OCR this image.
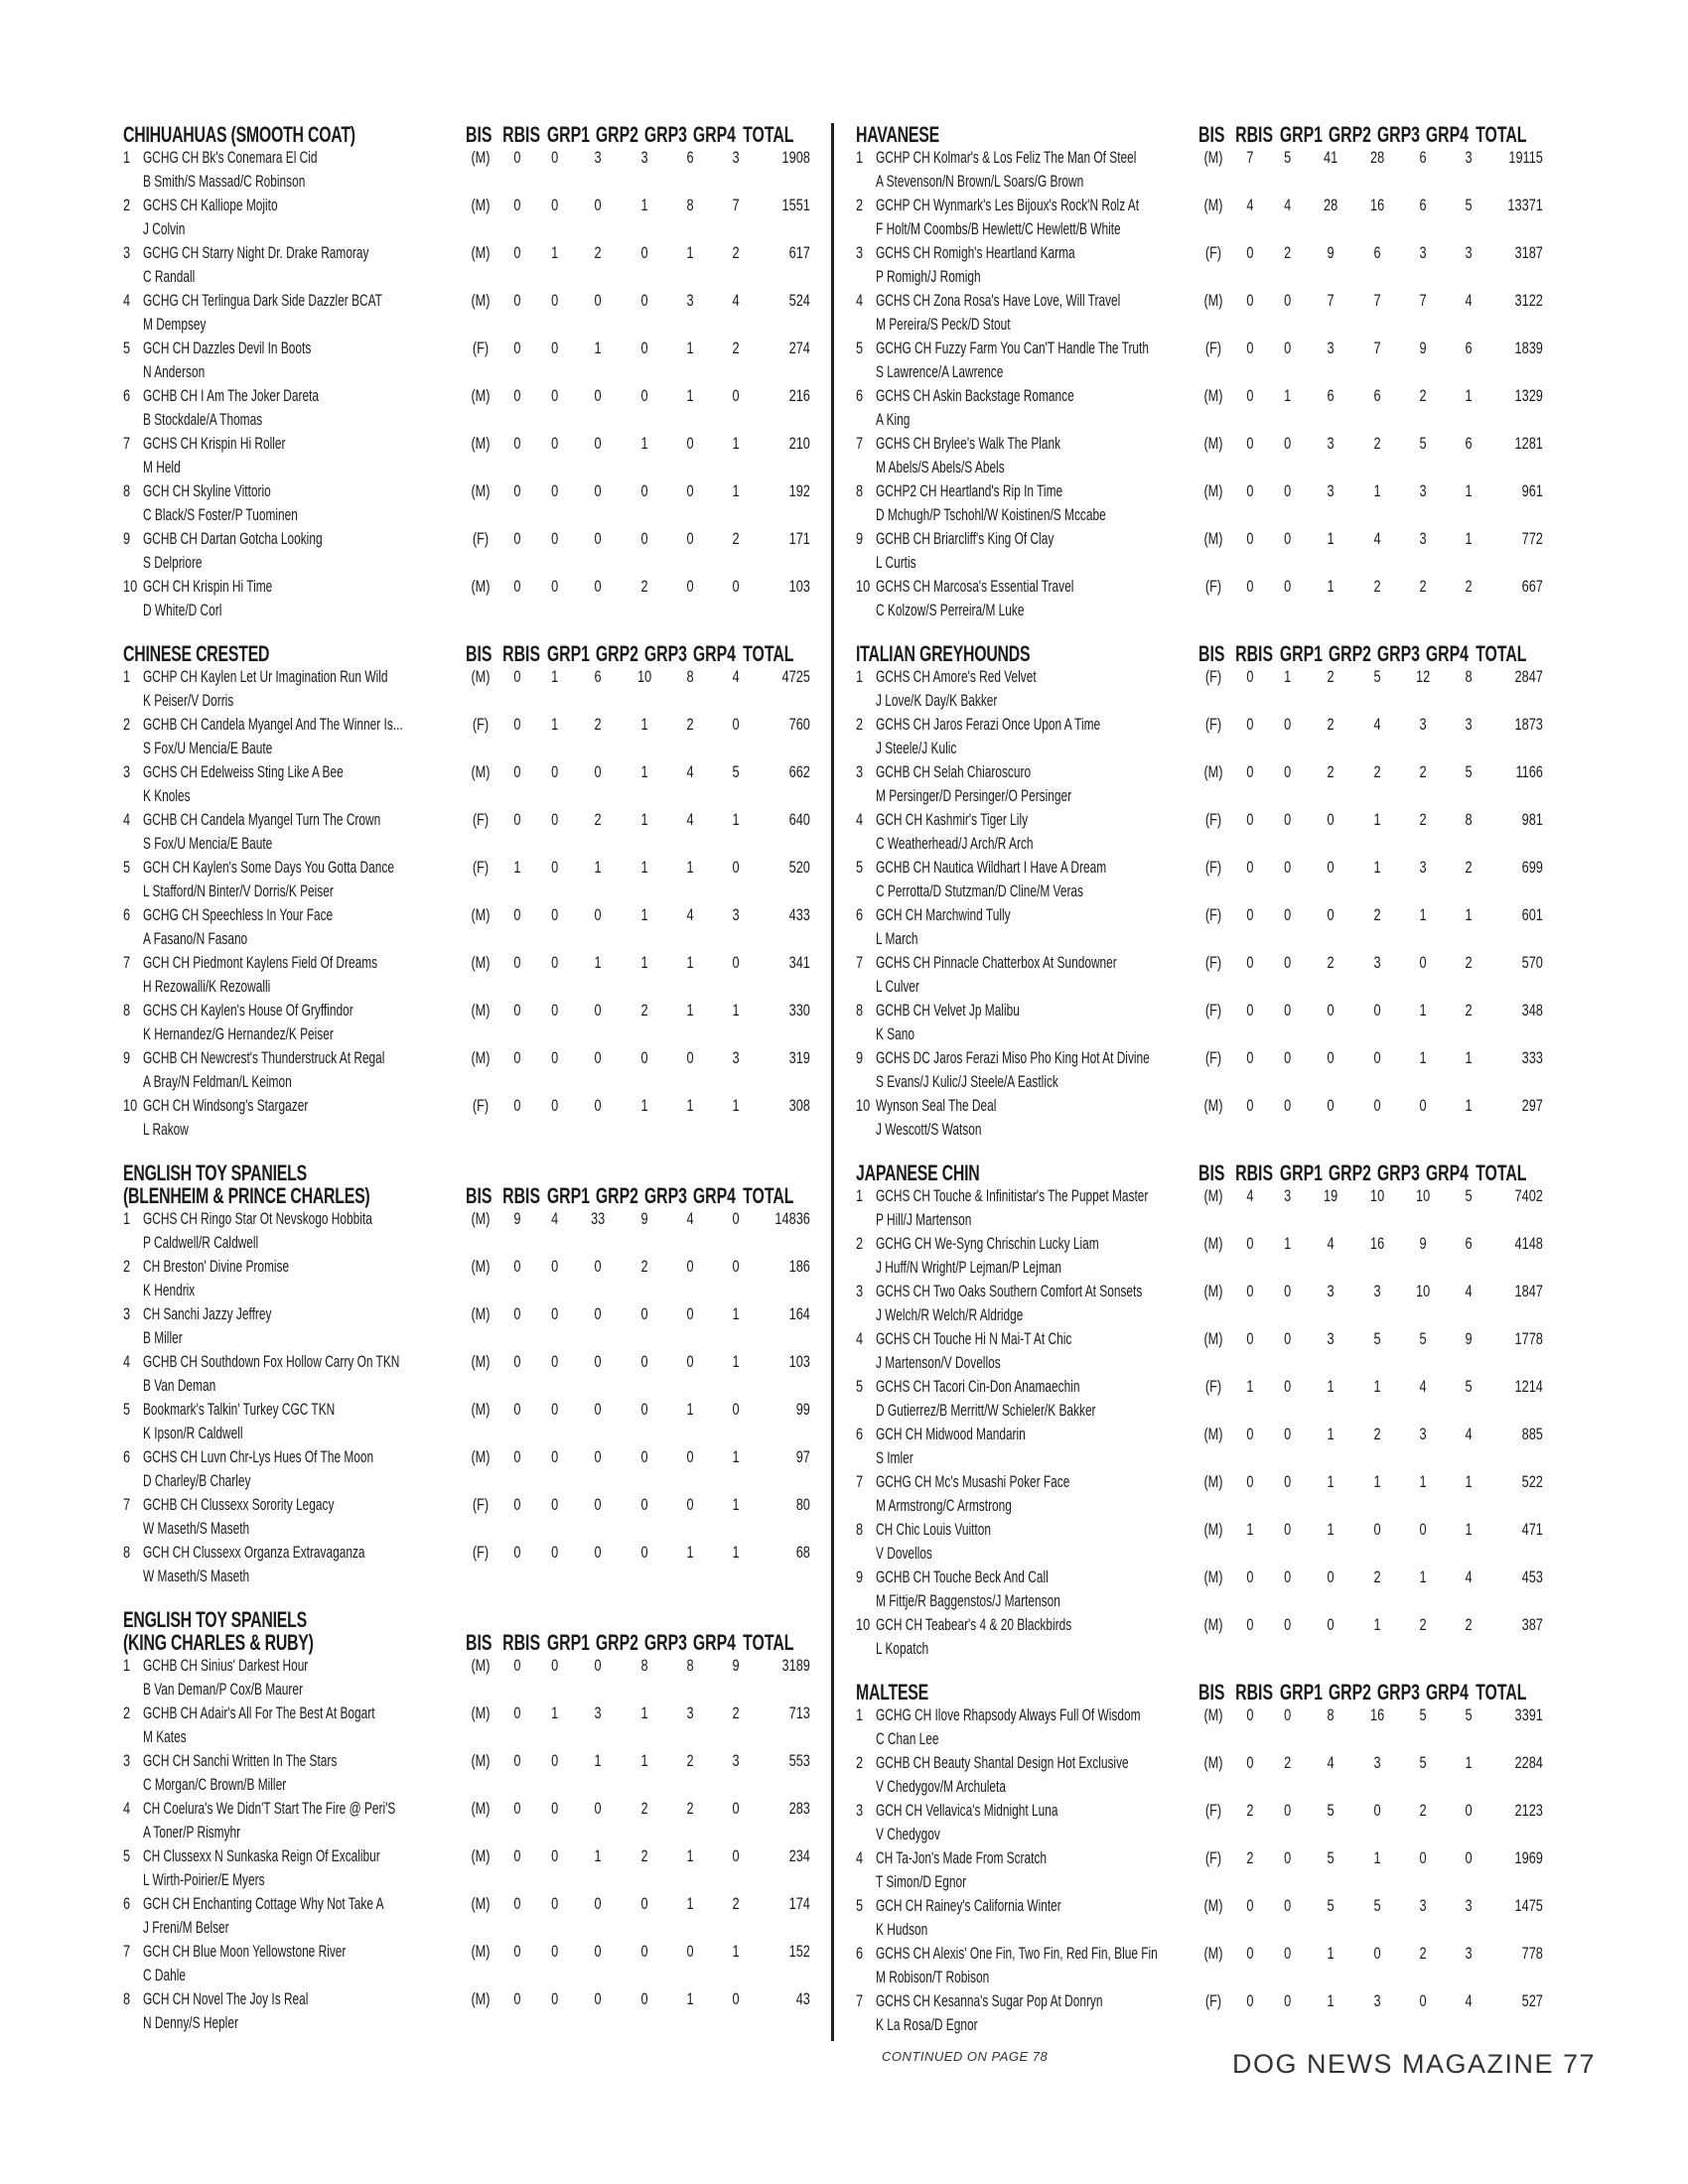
CHIHUAHUAS (SMOOTH COAT)	BIS RBIS GRP1 GRP2 GRP3 GRP4 TOTAL
1 GCHG CH Bk's Conemara El Cid
B Smith/S Massad/C Robinson
(M)	0	0	3	3	6	3	1908
2 GCHS CH Kalliope Mojito
J Colvin
(M)	0	0	0	1	8	7	1551
3 GCHG CH Starry Night Dr. Drake Ramoray
C Randall
(M)	0	1	2	0	1	2	617
4 GCHG CH Terlingua Dark Side Dazzler BCAT
M Dempsey
(M)	0	0	0	0	3	4	524
5 GCH CH Dazzles Devil In Boots
N Anderson
(F)	0	0	1	0	1	2	274
6 GCHB CH I Am The Joker Dareta
B Stockdale/A Thomas
(M)	0	0	0	0	1	0	216
7 GCHS CH Krispin Hi Roller
M Held
(M)	0	0	0	1	0	1	210
8 GCH CH Skyline Vittorio
C Black/S Foster/P Tuominen
(M)	0	0	0	0	0	1	192
9 GCHB CH Dartan Gotcha Looking
S Delpriore
(F)	0	0	0	0	0	2	171
10 GCH CH Krispin Hi Time
D White/D Corl
(M)	0	0	0	2	0	0	103
CHINESE CRESTED	BIS RBIS GRP1 GRP2 GRP3 GRP4 TOTAL
1 GCHP CH Kaylen Let Ur Imagination Run Wild
K Peiser/V Dorris
(M)	0	1	6	10	8	4	4725
2 GCHB CH Candela Myangel And The Winner Is...
S Fox/U Mencia/E Baute
(F)	0	1	2	1	2	0	760
3 GCHS CH Edelweiss Sting Like A Bee
K Knoles
(M)	0	0	0	1	4	5	662
4 GCHB CH Candela Myangel Turn The Crown
S Fox/U Mencia/E Baute
(F)	0	0	2	1	4	1	640
5 GCH CH Kaylen's Some Days You Gotta Dance
L Stafford/N Binter/V Dorris/K Peiser
(F)	1	0	1	1	1	0	520
6 GCHG CH Speechless In Your Face
A Fasano/N Fasano
(M)	0	0	0	1	4	3	433
7 GCH CH Piedmont Kaylens Field Of Dreams
H Rezowalli/K Rezowalli
(M)	0	0	1	1	1	0	341
8 GCHS CH Kaylen's House Of Gryffindor
K Hernandez/G Hernandez/K Peiser
(M)	0	0	0	2	1	1	330
9 GCHB CH Newcrest's Thunderstruck At Regal
A Bray/N Feldman/L Keimon
(M)	0	0	0	0	0	3	319
10 GCH CH Windsong's Stargazer
L Rakow
(F)	0	0	0	1	1	1	308
ENGLISH TOY SPANIELS
(BLENHEIM & PRINCE CHARLES)	BIS RBIS GRP1 GRP2 GRP3 GRP4 TOTAL
1 GCHS CH Ringo Star Ot Nevskogo Hobbita
P Caldwell/R Caldwell
(M)	9	4	33	9	4	0	14836
2 CH Breston' Divine Promise
K Hendrix
(M)	0	0	0	2	0	0	186
3 CH Sanchi Jazzy Jeffrey
B Miller
(M)	0	0	0	0	0	1	164
4 GCHB CH Southdown Fox Hollow Carry On TKN
B Van Deman
(M)	0	0	0	0	0	1	103
5 Bookmark's Talkin' Turkey CGC TKN
K Ipson/R Caldwell
(M)	0	0	0	0	1	0	99
6 GCHS CH Luvn Chr-Lys Hues Of The Moon
D Charley/B Charley
(M)	0	0	0	0	0	1	97
7 GCHB CH Clussexx Sorority Legacy
W Maseth/S Maseth
(F)	0	0	0	0	0	1	80
8 GCH CH Clussexx Organza Extravaganza
W Maseth/S Maseth
(F)	0	0	0	0	1	1	68
ENGLISH TOY SPANIELS
(KING CHARLES & RUBY)	BIS RBIS GRP1 GRP2 GRP3 GRP4 TOTAL
1 GCHB CH Sinius' Darkest Hour
B Van Deman/P Cox/B Maurer
(M)	0	0	0	8	8	9	3189
2 GCHB CH Adair's All For The Best At Bogart
M Kates
(M)	0	1	3	1	3	2	713
3 GCH CH Sanchi Written In The Stars
C Morgan/C Brown/B Miller
(M)	0	0	1	1	2	3	553
4 CH Coelura's We Didn'T Start The Fire @ Peri'S
A Toner/P Rismyhr
(M)	0	0	0	2	2	0	283
5 CH Clussexx N Sunkaska Reign Of Excalibur
L Wirth-Poirier/E Myers
(M)	0	0	1	2	1	0	234
6 GCH CH Enchanting Cottage Why Not Take A
J Freni/M Belser
(M)	0	0	0	0	1	2	174
7 GCH CH Blue Moon Yellowstone River
C Dahle
(M)	0	0	0	0	0	1	152
8 GCH CH Novel The Joy Is Real
N Denny/S Hepler
(M)	0	0	0	0	1	0	43
HAVANESE	BIS RBIS GRP1 GRP2 GRP3 GRP4 TOTAL
1 GCHP CH Kolmar's & Los Feliz The Man Of Steel
A Stevenson/N Brown/L Soars/G Brown
(M)	7	5	41	28	6	3	19115
2 GCHP CH Wynmark's Les Bijoux's Rock'N Rolz At
F Holt/M Coombs/B Hewlett/C Hewlett/B White
(M)	4	4	28	16	6	5	13371
3 GCHS CH Romigh's Heartland Karma
P Romigh/J Romigh
(F)	0	2	9	6	3	3	3187
4 GCHS CH Zona Rosa's Have Love, Will Travel
M Pereira/S Peck/D Stout
(M)	0	0	7	7	7	4	3122
5 GCHG CH Fuzzy Farm You Can'T Handle The Truth
S Lawrence/A Lawrence
(F)	0	0	3	7	9	6	1839
6 GCHS CH Askin Backstage Romance
A King
(M)	0	1	6	6	2	1	1329
7 GCHS CH Brylee's Walk The Plank
M Abels/S Abels/S Abels
(M)	0	0	3	2	5	6	1281
8 GCHP2 CH Heartland's Rip In Time
D Mchugh/P Tschohl/W Koistinen/S Mccabe
(M)	0	0	3	1	3	1	961
9 GCHB CH Briarcliff's King Of Clay
L Curtis
(M)	0	0	1	4	3	1	772
10 GCHS CH Marcosa's Essential Travel
C Kolzow/S Perreira/M Luke
(F)	0	0	1	2	2	2	667
ITALIAN GREYHOUNDS	BIS RBIS GRP1 GRP2 GRP3 GRP4 TOTAL
1 GCHS CH Amore's Red Velvet
J Love/K Day/K Bakker
(F)	0	1	2	5	12	8	2847
2 GCHS CH Jaros Ferazi Once Upon A Time
J Steele/J Kulic
(F)	0	0	2	4	3	3	1873
3 GCHB CH Selah Chiaroscuro
M Persinger/D Persinger/O Persinger
(M)	0	0	2	2	2	5	1166
4 GCH CH Kashmir's Tiger Lily
C Weatherhead/J Arch/R Arch
(F)	0	0	0	1	2	8	981
5 GCHB CH Nautica Wildhart I Have A Dream
C Perrotta/D Stutzman/D Cline/M Veras
(F)	0	0	0	1	3	2	699
6 GCH CH Marchwind Tully
L March
(F)	0	0	0	2	1	1	601
7 GCHS CH Pinnacle Chatterbox At Sundowner
L Culver
(F)	0	0	2	3	0	2	570
8 GCHB CH Velvet Jp Malibu
K Sano
(F)	0	0	0	0	1	2	348
9 GCHS DC Jaros Ferazi Miso Pho King Hot At Divine
S Evans/J Kulic/J Steele/A Eastlick
(F)	0	0	0	0	1	1	333
10 Wynson Seal The Deal
J Wescott/S Watson
(M)	0	0	0	0	0	1	297
JAPANESE CHIN	BIS RBIS GRP1 GRP2 GRP3 GRP4 TOTAL
1 GCHS CH Touche & Infinitistar's The Puppet Master
P Hill/J Martenson
(M)	4	3	19	10	10	5	7402
2 GCHG CH We-Syng Chrischin Lucky Liam
J Huff/N Wright/P Lejman/P Lejman
(M)	0	1	4	16	9	6	4148
3 GCHS CH Two Oaks Southern Comfort At Sonsets
J Welch/R Welch/R Aldridge
(M)	0	0	3	3	10	4	1847
4 GCHS CH Touche Hi N Mai-T At Chic
J Martenson/V Dovellos
(M)	0	0	3	5	5	9	1778
5 GCHS CH Tacori Cin-Don Anamaechin
D Gutierrez/B Merritt/W Schieler/K Bakker
(F)	1	0	1	1	4	5	1214
6 GCH CH Midwood Mandarin
S Imler
(M)	0	0	1	2	3	4	885
7 GCHG CH Mc's Musashi Poker Face
M Armstrong/C Armstrong
(M)	0	0	1	1	1	1	522
8 CH Chic Louis Vuitton
V Dovellos
(M)	1	0	1	0	0	1	471
9 GCHB CH Touche Beck And Call
M Fittje/R Baggenstos/J Martenson
(M)	0	0	0	2	1	4	453
10 GCH CH Teabear's 4 & 20 Blackbirds
L Kopatch
(M)	0	0	0	1	2	2	387
MALTESE	BIS RBIS GRP1 GRP2 GRP3 GRP4 TOTAL
1 GCHG CH Ilove Rhapsody Always Full Of Wisdom
C Chan Lee
(M)	0	0	8	16	5	5	3391
2 GCHB CH Beauty Shantal Design Hot Exclusive
V Chedygov/M Archuleta
(M)	0	2	4	3	5	1	2284
3 GCH CH Vellavica's Midnight Luna
V Chedygov
(F)	2	0	5	0	2	0	2123
4 CH Ta-Jon's Made From Scratch
T Simon/D Egnor
(F)	2	0	5	1	0	0	1969
5 GCH CH Rainey's California Winter
K Hudson
(M)	0	0	5	5	3	3	1475
6 GCHS CH Alexis' One Fin, Two Fin, Red Fin, Blue Fin
M Robison/T Robison
(M)	0	0	1	0	2	3	778
7 GCHS CH Kesanna's Sugar Pop At Donryn
K La Rosa/D Egnor
(F)	0	0	1	3	0	4	527
CONTINUED ON PAGE 78	DOG NEWS MAGAZINE 77
